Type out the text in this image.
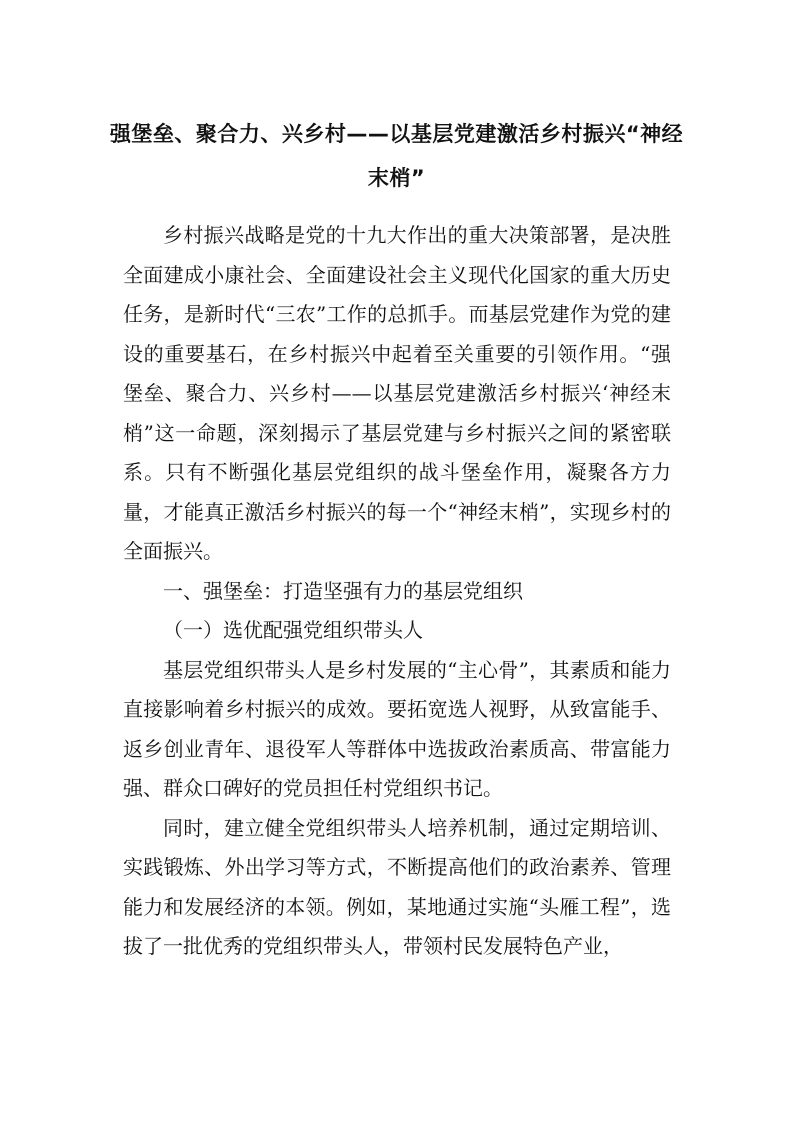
强堡垒、聚合力、兴乡村——以基层党建激活乡村振兴“神经末梢”

乡村振兴战略是党的十九大作出的重大决策部署，是决胜全面建成小康社会、全面建设社会主义现代化国家的重大历史任务，是新时代“三农”工作的总抓手。而基层党建作为党的建设的重要基石，在乡村振兴中起着至关重要的引领作用。“强堡垒、聚合力、兴乡村——以基层党建激活乡村振兴‘神经末梢”这一命题，深刻揭示了基层党建与乡村振兴之间的紧密联系。只有不断强化基层党组织的战斗堡垒作用，凝聚各方力量，才能真正激活乡村振兴的每一个“神经末梢”，实现乡村的全面振兴。

一、强堡垒：打造坚强有力的基层党组织

（一）选优配强党组织带头人

基层党组织带头人是乡村发展的“主心骨”，其素质和能力直接影响着乡村振兴的成效。要拓宽选人视野，从致富能手、返乡创业青年、退役军人等群体中选拔政治素质高、带富能力强、群众口碑好的党员担任村党组织书记。

同时，建立健全党组织带头人培养机制，通过定期培训、实践锻炼、外出学习等方式，不断提高他们的政治素养、管理能力和发展经济的本领。例如，某地通过实施“头雁工程”，选拔了一批优秀的党组织带头人，带领村民发展特色产业，
